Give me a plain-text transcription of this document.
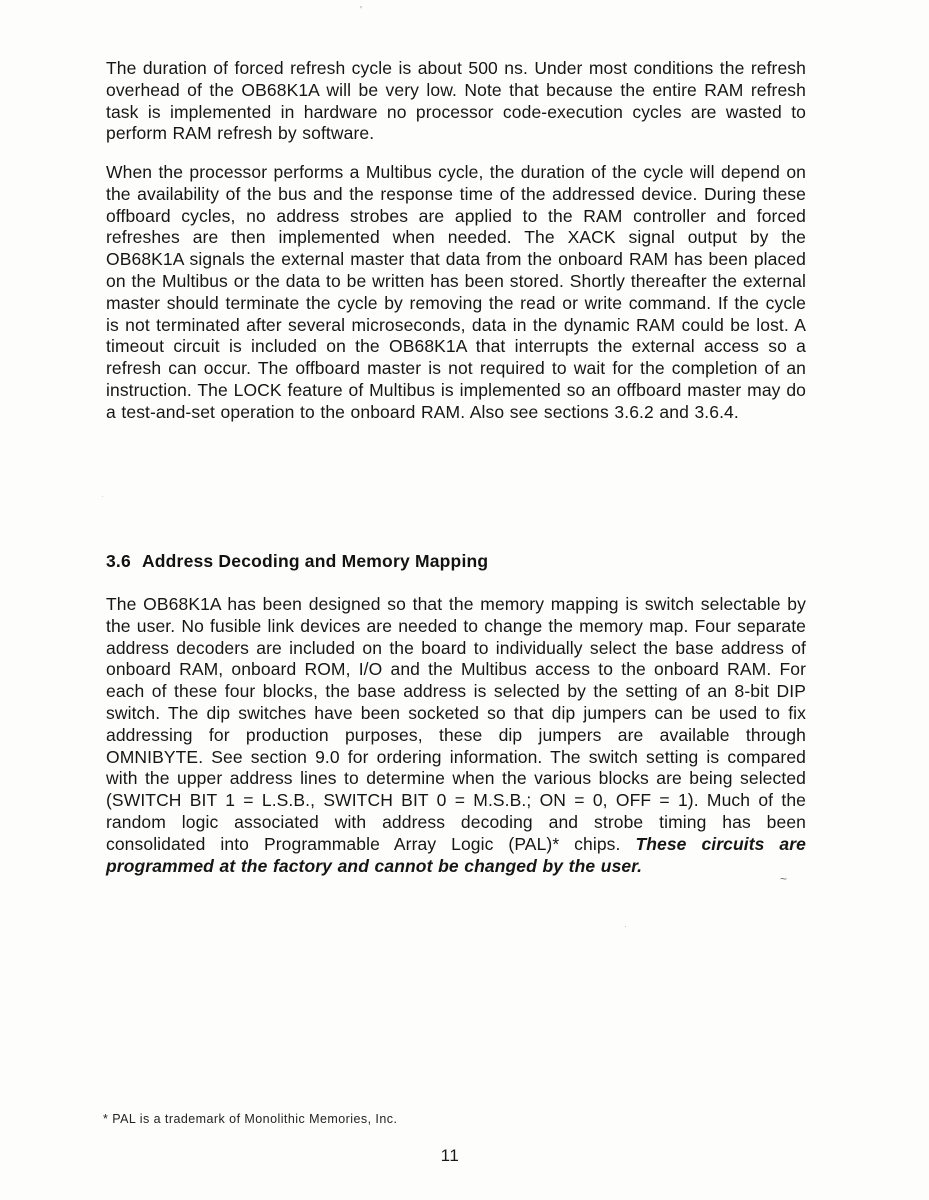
The duration of forced refresh cycle is about 500 ns. Under most conditions the refresh overhead of the OB68K1A will be very low. Note that because the entire RAM refresh task is implemented in hardware no processor code-execution cycles are wasted to perform RAM refresh by software.

When the processor performs a Multibus cycle, the duration of the cycle will depend on the availability of the bus and the response time of the addressed device. During these offboard cycles, no address strobes are applied to the RAM controller and forced refreshes are then implemented when needed. The XACK signal output by the OB68K1A signals the external master that data from the onboard RAM has been placed on the Multibus or the data to be written has been stored. Shortly thereafter the external master should terminate the cycle by removing the read or write command. If the cycle is not terminated after several microseconds, data in the dynamic RAM could be lost. A timeout circuit is included on the OB68K1A that interrupts the external access so a refresh can occur. The offboard master is not required to wait for the completion of an instruction. The LOCK feature of Multibus is implemented so an offboard master may do a test-and-set operation to the onboard RAM. Also see sections 3.6.2 and 3.6.4.

3.6 Address Decoding and Memory Mapping

The OB68K1A has been designed so that the memory mapping is switch selectable by the user. No fusible link devices are needed to change the memory map. Four separate address decoders are included on the board to individually select the base address of onboard RAM, onboard ROM, I/O and the Multibus access to the onboard RAM. For each of these four blocks, the base address is selected by the setting of an 8-bit DIP switch. The dip switches have been socketed so that dip jumpers can be used to fix addressing for production purposes, these dip jumpers are available through OMNIBYTE. See section 9.0 for ordering information. The switch setting is compared with the upper address lines to determine when the various blocks are being selected (SWITCH BIT 1 = L.S.B., SWITCH BIT 0 = M.S.B.; ON = 0, OFF = 1). Much of the random logic associated with address decoding and strobe timing has been consolidated into Programmable Array Logic (PAL)* chips. These circuits are programmed at the factory and cannot be changed by the user.

* PAL is a trademark of Monolithic Memories, Inc.

11
'
·
·
~
